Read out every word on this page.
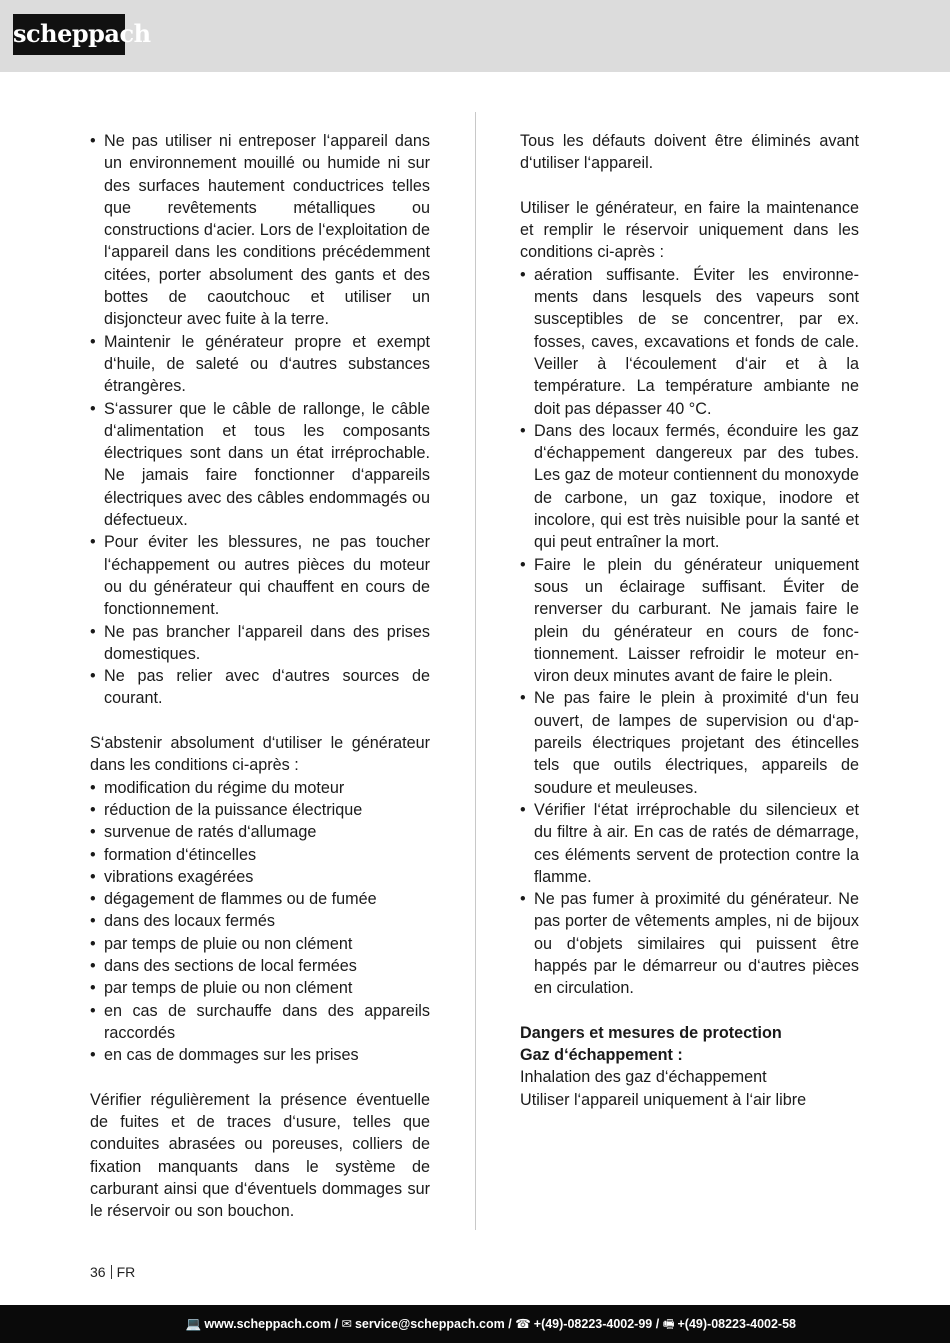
scheppach
• Ne pas utiliser ni entreposer l‘appareil dans un environnement mouillé ou humide ni sur des surfaces hautement conductrices telles que revêtements métalliques ou constructions d‘acier. Lors de l‘exploitation de l‘appareil dans les conditions précédemment citées, porter absolument des gants et des bottes de caoutchouc et utiliser un disjoncteur avec fuite à la terre.
• Maintenir le générateur propre et exempt d‘huile, de saleté ou d‘autres substances étrangères.
• S‘assurer que le câble de rallonge, le câble d‘alimentation et tous les composants électriques sont dans un état irréprochable. Ne jamais faire fonctionner d‘appareils électriques avec des câbles endommagés ou défectueux.
• Pour éviter les blessures, ne pas toucher l‘échappement ou autres pièces du moteur ou du générateur qui chauffent en cours de fonctionnement.
• Ne pas brancher l‘appareil dans des prises domestiques.
• Ne pas relier avec d‘autres sources de courant.

S‘abstenir absolument d‘utiliser le générateur dans les conditions ci-après :

• modification du régime du moteur
• réduction de la puissance électrique
• survenue de ratés d‘allumage
• formation d‘étincelles
• vibrations exagérées
• dégagement de flammes ou de fumée
• dans des locaux fermés
• par temps de pluie ou non clément
• dans des sections de local fermées
• par temps de pluie ou non clément
• en cas de surchauffe dans des appareils raccordés
• en cas de dommages sur les prises

Vérifier régulièrement la présence éventuelle de fuites et de traces d‘usure, telles que conduites abrasées ou poreuses, colliers de fixation manquants dans le système de carburant ainsi que d‘éventuels dommages sur le réservoir ou son bouchon.

Tous les défauts doivent être éliminés avant d‘utiliser l‘appareil.

Utiliser le générateur, en faire la maintenance et remplir le réservoir uniquement dans les conditions ci-après :

• aération suffisante. Éviter les environnements dans lesquels des vapeurs sont susceptibles de se concentrer, par ex. fosses, caves, excavations et fonds de cale. Veiller à l‘écoulement d‘air et à la température. La température ambiante ne doit pas dépasser 40 °C.
• Dans des locaux fermés, éconduire les gaz d‘échappement dangereux par des tubes. Les gaz de moteur contiennent du monoxyde de carbone, un gaz toxique, inodore et incolore, qui est très nuisible pour la santé et qui peut entraîner la mort.
• Faire le plein du générateur uniquement sous un éclairage suffisant. Éviter de renverser du carburant. Ne jamais faire le plein du générateur en cours de fonctionnement. Laisser refroidir le moteur environ deux minutes avant de faire le plein.
• Ne pas faire le plein à proximité d‘un feu ouvert, de lampes de supervision ou d‘appareils électriques projetant des étincelles tels que outils électriques, appareils de soudure et meuleuses.
• Vérifier l‘état irréprochable du silencieux et du filtre à air. En cas de ratés de démarrage, ces éléments servent de protection contre la flamme.
• Ne pas fumer à proximité du générateur. Ne pas porter de vêtements amples, ni de bijoux ou d‘objets similaires qui puissent être happés par le démarreur ou d‘autres pièces en circulation.

Dangers et mesures de protection

Gaz d‘échappement :

Inhalation des gaz d‘échappement

Utiliser l‘appareil uniquement à l‘air libre

36 FR
💻 www.scheppach.com / ✉ service@scheppach.com / ☎ +(49)-08223-4002-99 / 🖷 +(49)-08223-4002-58
